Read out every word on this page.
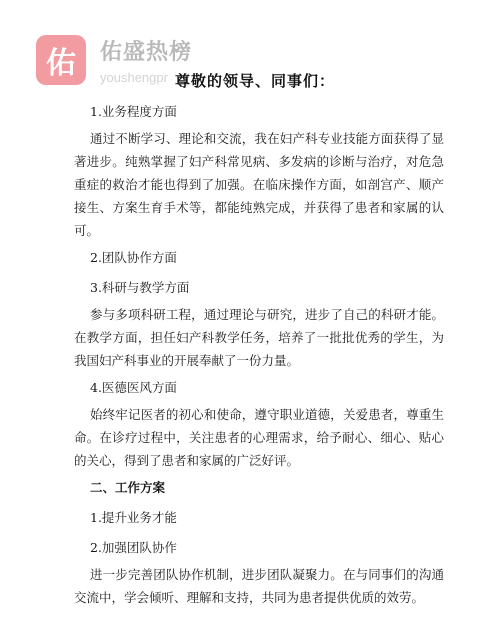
佑	佑盛热榜
youshengpr 尊敬的领导、同事们：
1.业务程度方面
通过不断学习、理论和交流，我在妇产科专业技能方面获得了显著进步。纯熟掌握了妇产科常见病、多发病的诊断与治疗，对危急重症的救治才能也得到了加强。在临床操作方面，如剖宫产、顺产接生、方案生育手术等，都能纯熟完成，并获得了患者和家属的认可。
2.团队协作方面
3.科研与教学方面
参与多项科研工程，通过理论与研究，进步了自己的科研才能。在教学方面，担任妇产科教学任务，培养了一批批优秀的学生，为我国妇产科事业的开展奉献了一份力量。
4.医德医风方面
始终牢记医者的初心和使命，遵守职业道德，关爱患者，尊重生命。在诊疗过程中，关注患者的心理需求，给予耐心、细心、贴心的关心，得到了患者和家属的广泛好评。
二、工作方案
1.提升业务才能
2.加强团队协作
进一步完善团队协作机制，进步团队凝聚力。在与同事们的沟通交流中，学会倾听、理解和支持，共同为患者提供优质的效劳。
